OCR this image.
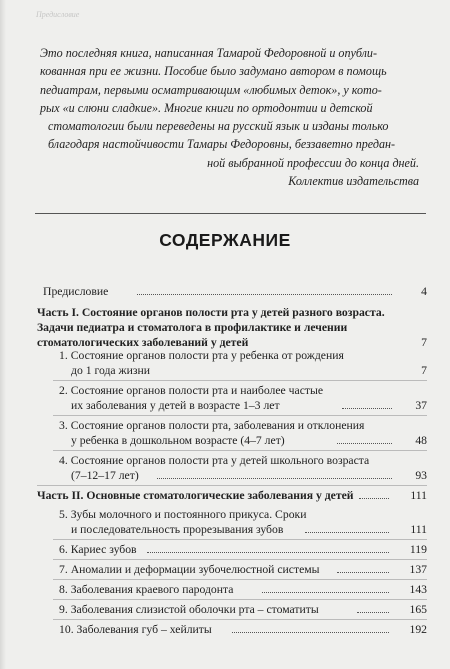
Предисловие

Это последняя книга, написанная Тамарой Федоровной и опубли-

кованная при ее жизни. Пособие было задумано автором в помощь

педиатрам, первыми осматривающим «любимых деток», у кото-

рых «и слюни сладкие». Многие книги по ортодонтии и детской

стоматологии были переведены на русский язык и изданы только

благодаря настойчивости Тамары Федоровны, беззаветно предан-

ной выбранной профессии до конца дней.

Коллектив издательства

СОДЕРЖАНИЕ
Предисловие	4
Часть I. Состояние органов полости рта у детей разного возраста.
Задачи педиатра и стоматолога в профилактике и лечении
стоматологических заболеваний у детей	7
1. Состояние органов полости рта у ребенка от рождения
до 1 года жизни	7
2. Состояние органов полости рта и наиболее частые
их заболевания у детей в возрасте 1–3 лет	37
3. Состояние органов полости рта, заболевания и отклонения
у ребенка в дошкольном возрасте (4–7 лет)	48
4. Состояние органов полости рта у детей школьного возраста
(7–12–17 лет)	93
Часть II. Основные стоматологические заболевания у детей	111
5. Зубы молочного и постоянного прикуса. Сроки
и последовательность прорезывания зубов	111
6. Кариес зубов	119
7. Аномалии и деформации зубочелюстной системы	137
8. Заболевания краевого пародонта	143
9. Заболевания слизистой оболочки рта – стоматиты	165
10. Заболевания губ – хейлиты	192
